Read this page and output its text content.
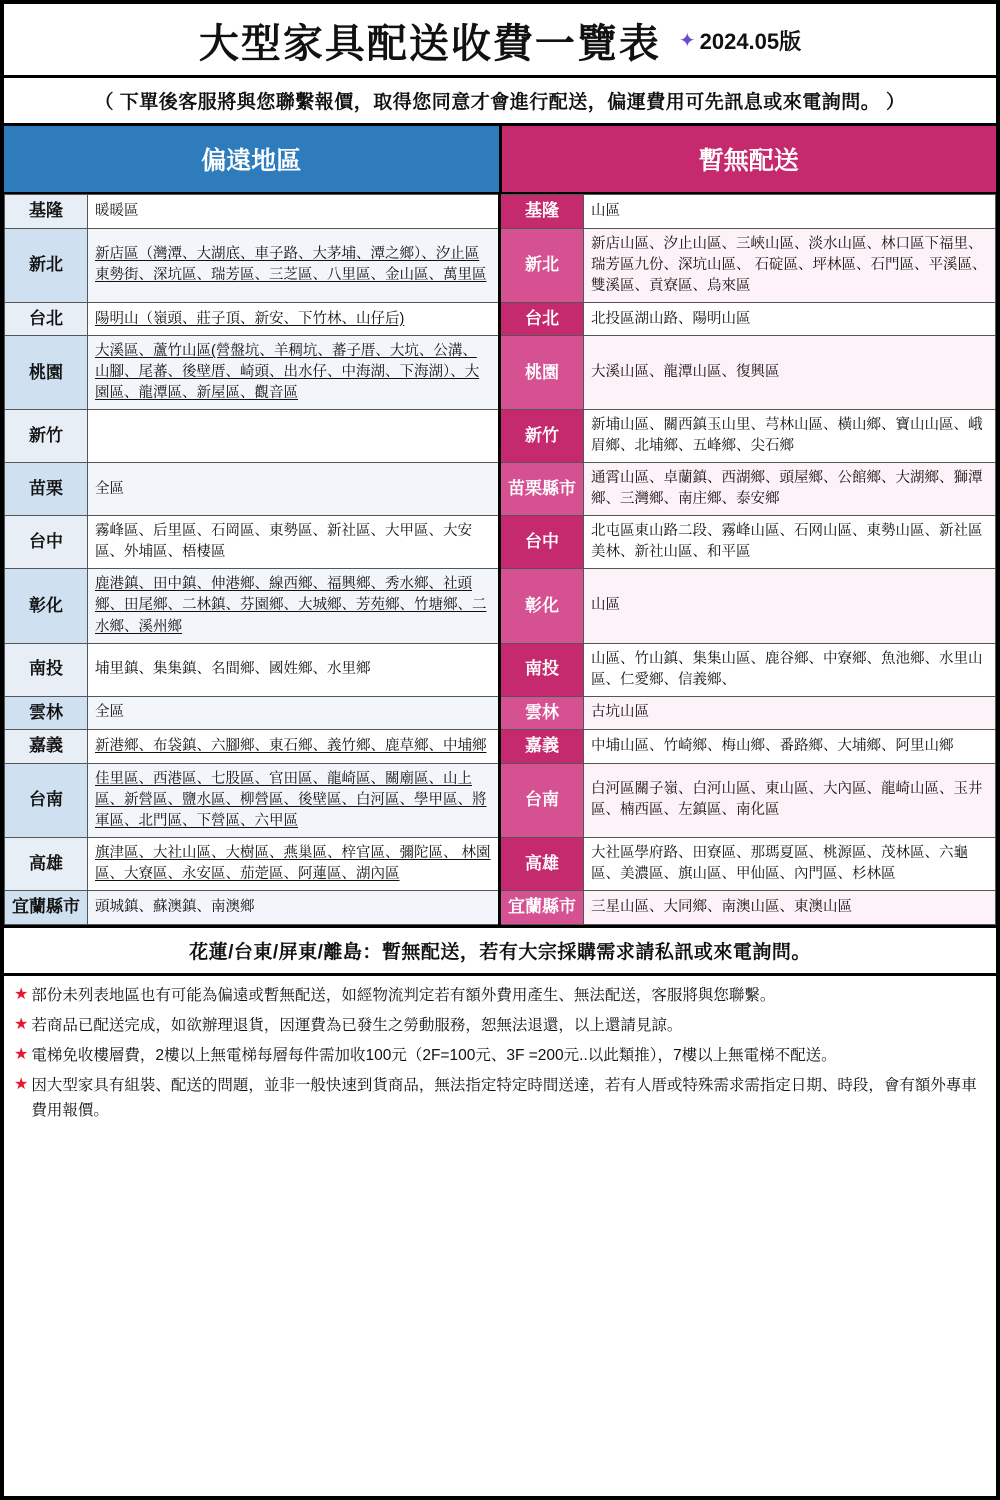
大型家具配送收費一覽表 ✦ 2024.05版
（ 下單後客服將與您聯繫報價，取得您同意才會進行配送，偏運費用可先訊息或來電詢問。 ）
偏遠地區	暫無配送
基隆	暖暖區	基隆	山區
新北	新店區（灣潭、大湖底、車子路、大茅埔、潭之鄉）、汐止區東勢街、深坑區、瑞芳區、三芝區、八里區、金山區、萬里區	新北	新店山區、汐止山區、三峽山區、淡水山區、林口區下福里、瑞芳區九份、深坑山區、 石碇區、坪林區、石門區、平溪區、雙溪區、貢寮區、烏來區
台北	陽明山（嶺頭、莊子頂、新安、下竹林、山仔后)	台北	北投區湖山路、陽明山區
桃園	大溪區、蘆竹山區(營盤坑、羊稠坑、蕃子厝、大坑、公溝、山腳、尾蕃、後壁厝、崎頭、出水仔、中海湖、下海湖）、大園區、龍潭區、新屋區、觀音區	桃園	大溪山區、龍潭山區、復興區
新竹		新竹	新埔山區、關西鎮玉山里、芎林山區、橫山鄉、寶山山區、峨眉鄉、北埔鄉、五峰鄉、尖石鄉
苗栗	全區	苗栗縣市	通霄山區、卓蘭鎮、西湖鄉、頭屋鄉、公館鄉、大湖鄉、獅潭鄉、三灣鄉、南庄鄉、泰安鄉
台中	霧峰區、后里區、石岡區、東勢區、新社區、大甲區、大安區、外埔區、梧棲區	台中	北屯區東山路二段、霧峰山區、石网山區、東勢山區、新社區美林、新社山區、和平區
彰化	鹿港鎮、田中鎮、伸港鄉、線西鄉、福興鄉、秀水鄉、社頭鄉、田尾鄉、二林鎮、芬園鄉、大城鄉、芳苑鄉、竹塘鄉、二水鄉、溪州鄉	彰化	山區
南投	埔里鎮、集集鎮、名間鄉、國姓鄉、水里鄉	南投	山區、竹山鎮、集集山區、鹿谷鄉、中寮鄉、魚池鄉、水里山區、仁愛鄉、信義鄉、
雲林	全區	雲林	古坑山區
嘉義	新港鄉、布袋鎮、六腳鄉、東石鄉、義竹鄉、鹿草鄉、中埔鄉	嘉義	中埔山區、竹崎鄉、梅山鄉、番路鄉、大埔鄉、阿里山鄉
台南	佳里區、西港區、七股區、官田區、龍崎區、關廟區、山上區、新營區、鹽水區、柳營區、後壁區、白河區、學甲區、將軍區、北門區、下營區、六甲區	台南	白河區關子嶺、白河山區、東山區、大內區、龍崎山區、玉井區、楠西區、左鎮區、南化區
高雄	旗津區、大社山區、大樹區、燕巢區、梓官區、彌陀區、 林園區、大寮區、永安區、茄萣區、阿蓮區、湖內區	高雄	大社區學府路、田寮區、那瑪夏區、桃源區、茂林區、六龜區、美濃區、旗山區、甲仙區、內門區、杉林區
宜蘭縣市	頭城鎮、蘇澳鎮、南澳鄉	宜蘭縣市	三星山區、大同鄉、南澳山區、東澳山區
花蓮/台東/屏東/離島：暫無配送，若有大宗採購需求請私訊或來電詢問。
★ 部份未列表地區也有可能為偏遠或暫無配送，如經物流判定若有額外費用產生、無法配送，客服將與您聯繫。
★ 若商品已配送完成，如欲辦理退貨，因運費為已發生之勞動服務，恕無法退還，以上還請見諒。
★ 電梯免收樓層費，2樓以上無電梯每層每件需加收100元（2F=100元、3F =200元..以此類推），7樓以上無電梯不配送。
★ 因大型家具有組裝、配送的問題，並非一般快速到貨商品，無法指定特定時間送達，若有人厝或特殊需求需指定日期、時段，會有額外專車費用報價。
